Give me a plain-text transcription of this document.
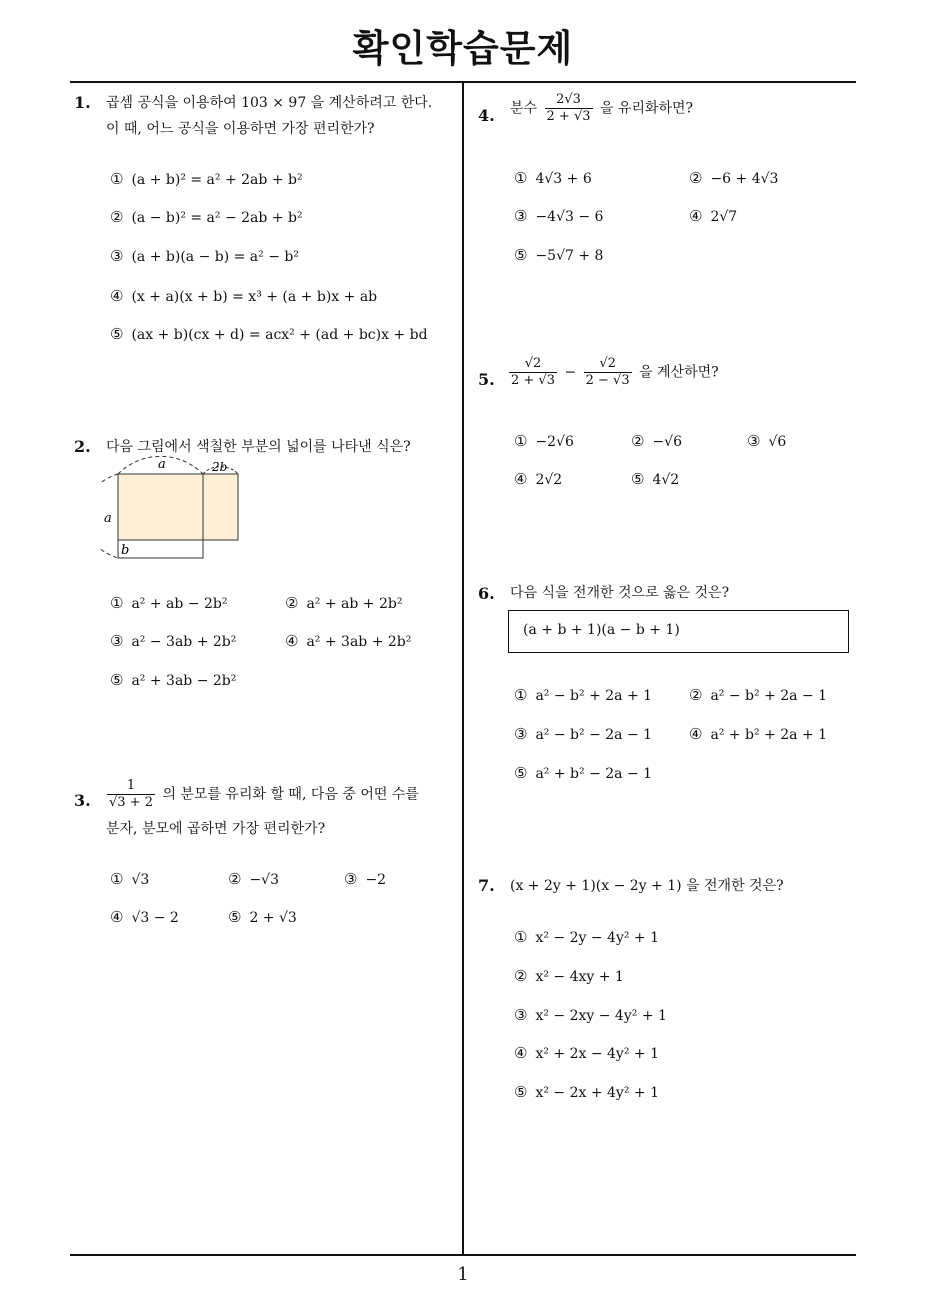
확인학습문제
1. 곱셈 공식을 이용하여 103 × 97 을 계산하려고 한다.
이 때, 어느 공식을 이용하면 가장 편리한가?
① (a + b)² = a² + 2ab + b²
② (a − b)² = a² − 2ab + b²
③ (a + b)(a − b) = a² − b²
④ (x + a)(x + b) = x³ + (a + b)x + ab
⑤ (ax + b)(cx + d) = acx² + (ad + bc)x + bd
2. 다음 그림에서 색칠한 부분의 넓이를 나타낸 식은?
a	2b
a
b
① a² + ab − 2b²	② a² + ab + 2b²
③ a² − 3ab + 2b²	④ a² + 3ab + 2b²
⑤ a² + 3ab − 2b²
3. $\frac{1}{√3 + 2}$ 의 분모를 유리화 할 때, 다음 중 어떤 수를
분자, 분모에 곱하면 가장 편리한가?
① √3	② −√3	③ −2
④ √3 − 2	⑤ 2 + √3
4. 분수 $\frac{2√3}{2 + √3}$ 을 유리화하면?
① 4√3 + 6	② −6 + 4√3
③ −4√3 − 6	④ 2√7
⑤ −5√7 + 8
5. $\frac{√2}{2 + √3} - \frac{√2}{2 - √3}$ 을 계산하면?
① −2√6	② −√6	③ √6
④ 2√2	⑤ 4√2
6. 다음 식을 전개한 것으로 옳은 것은?
(a + b + 1)(a − b + 1)
① a² − b² + 2a + 1 ② a² − b² + 2a − 1
③ a² − b² − 2a − 1 ④ a² + b² + 2a + 1
⑤ a² + b² − 2a − 1
7. (x + 2y + 1)(x − 2y + 1) 을 전개한 것은?
① x² − 2y − 4y² + 1
② x² − 4xy + 1
③ x² − 2xy − 4y² + 1
④ x² + 2x − 4y² + 1
⑤ x² − 2x + 4y² + 1
1
